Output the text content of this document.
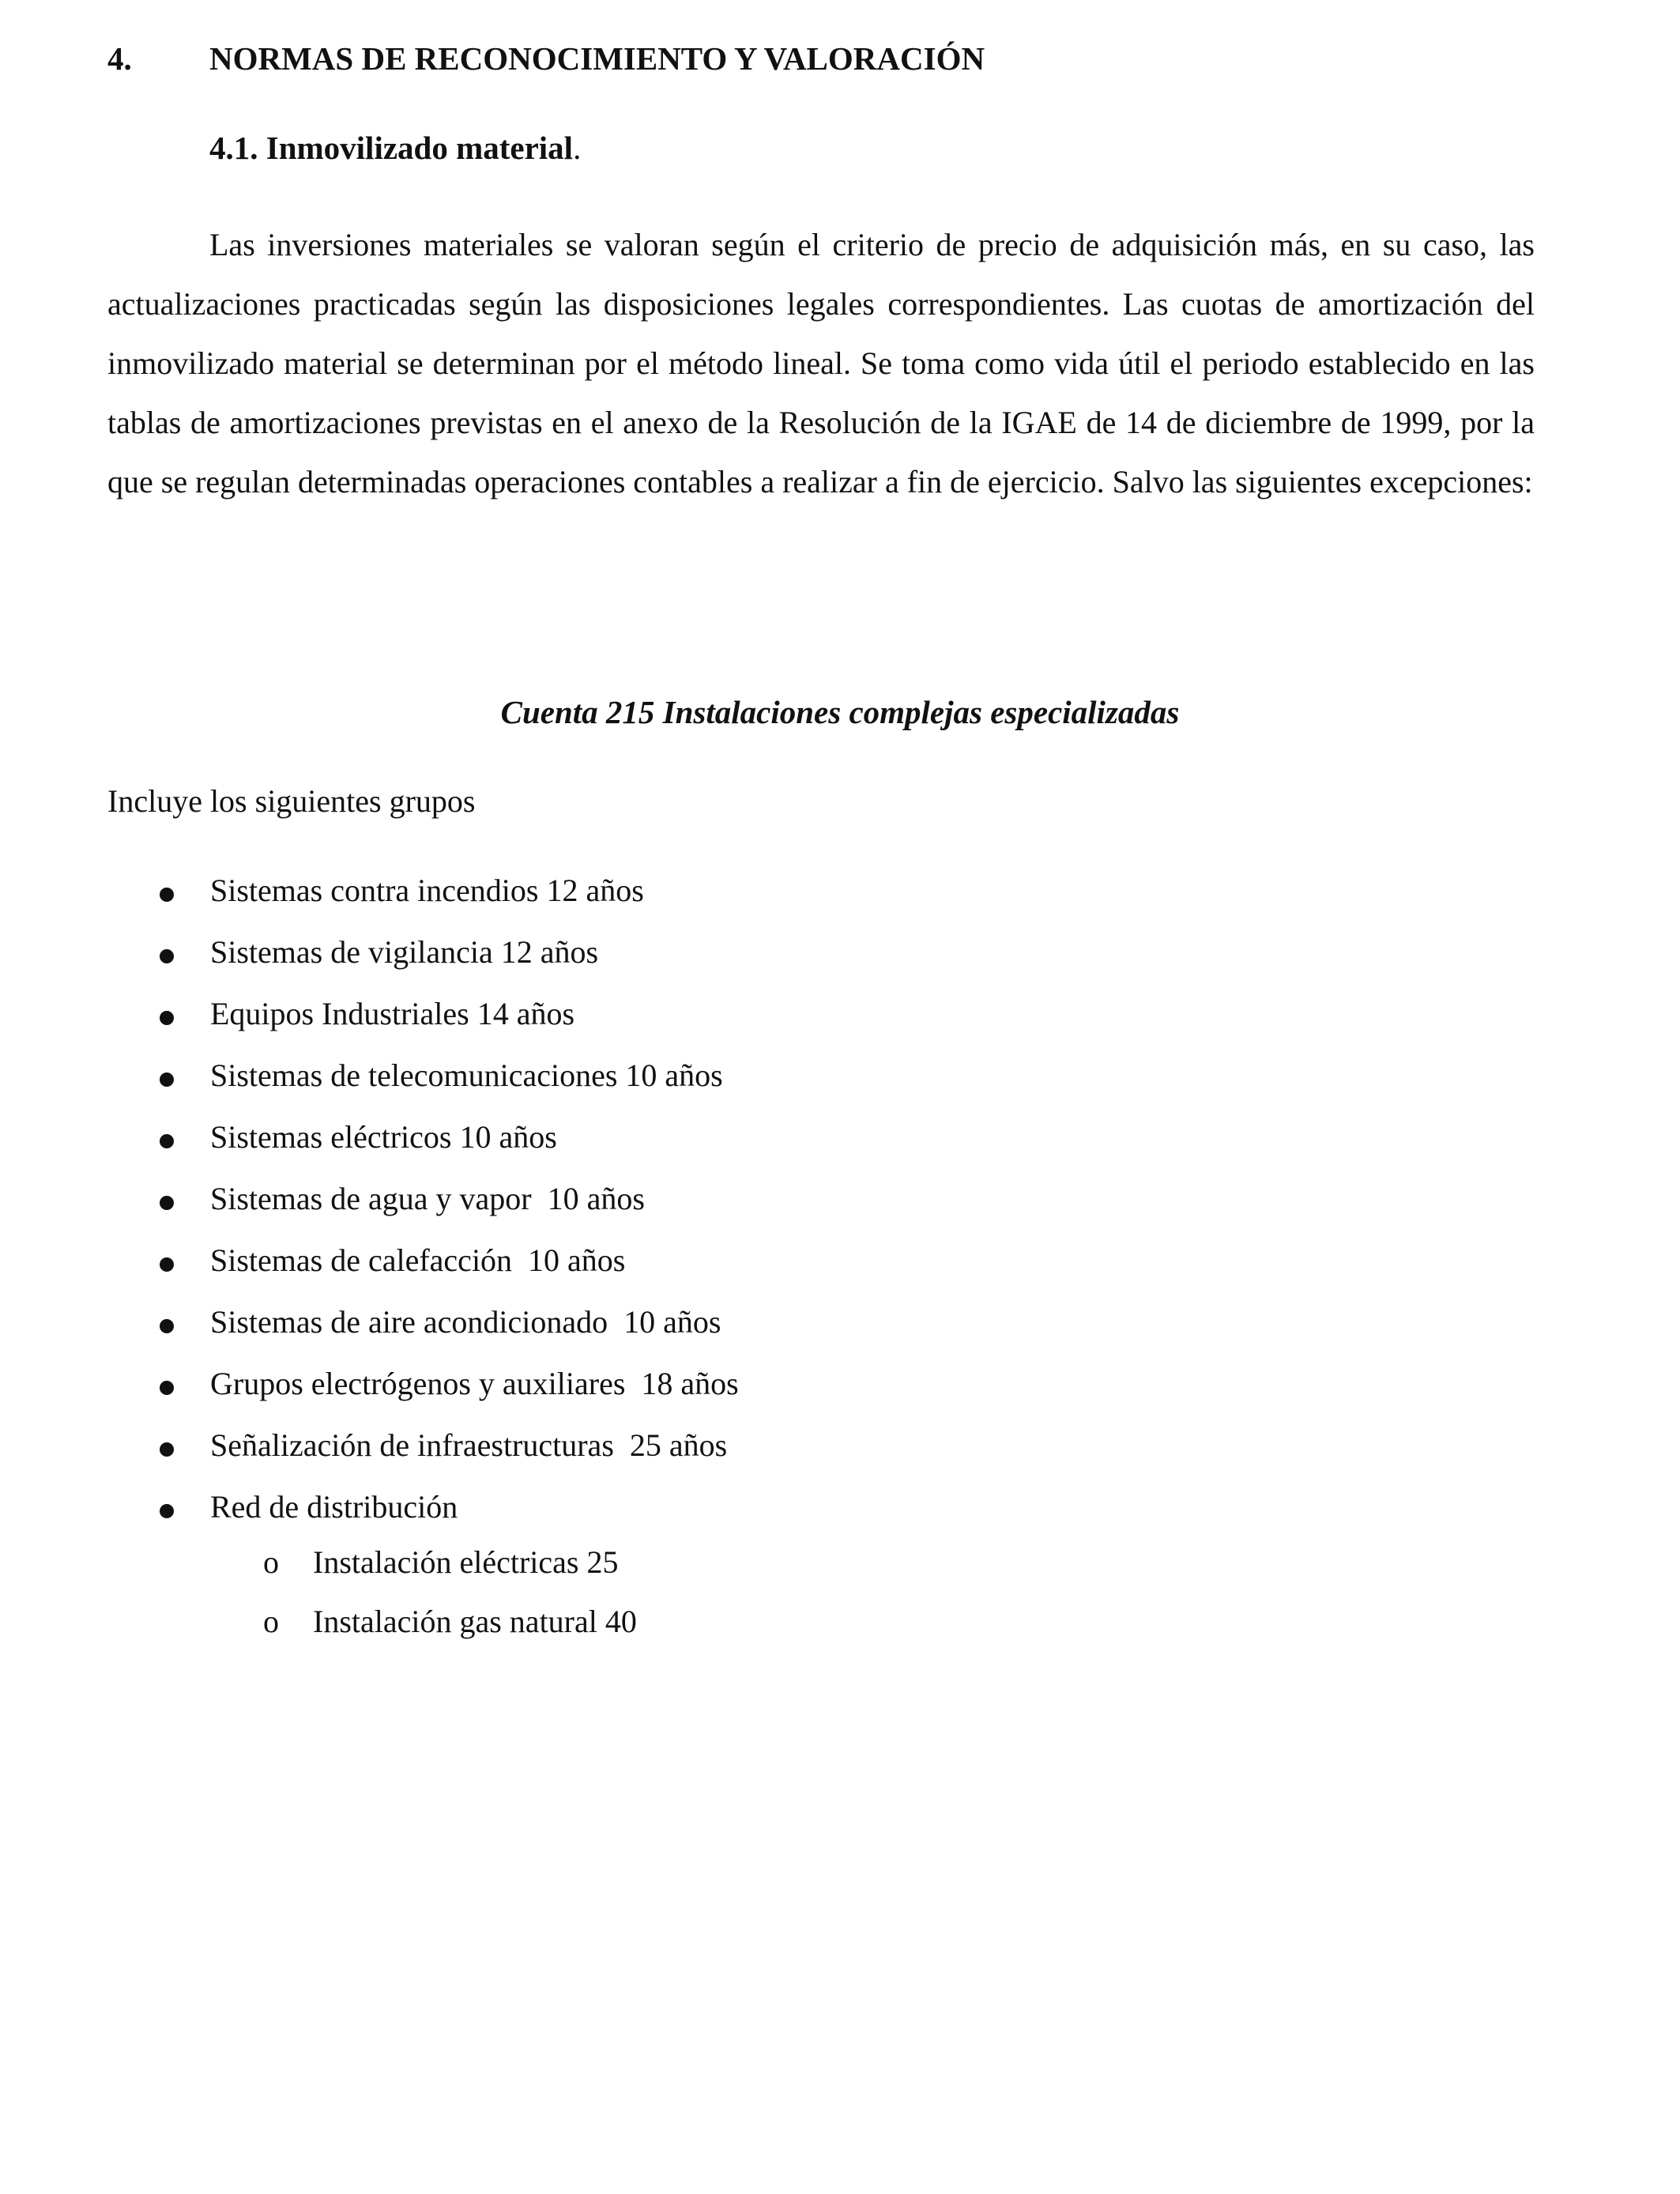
4. NORMAS DE RECONOCIMIENTO Y VALORACIÓN
4.1. Inmovilizado material.

Las inversiones materiales se valoran según el criterio de precio de adquisición más, en su caso, las actualizaciones practicadas según las disposiciones legales correspondientes. Las cuotas de amortización del inmovilizado material se determinan por el método lineal. Se toma como vida útil el periodo establecido en las tablas de amortizaciones previstas en el anexo de la Resolución de la IGAE de 14 de diciembre de 1999, por la que se regulan determinadas operaciones contables a realizar a fin de ejercicio. Salvo las siguientes excepciones:

Cuenta 215 Instalaciones complejas especializadas
Incluye los siguientes grupos
Sistemas contra incendios 12 años
Sistemas de vigilancia 12 años
Equipos Industriales 14 años
Sistemas de telecomunicaciones 10 años
Sistemas eléctricos 10 años
Sistemas de agua y vapor  10 años
Sistemas de calefacción  10 años
Sistemas de aire acondicionado  10 años
Grupos electrógenos y auxiliares  18 años
Señalización de infraestructuras  25 años
Red de distribución
o Instalación eléctricas 25
o Instalación gas natural 40
